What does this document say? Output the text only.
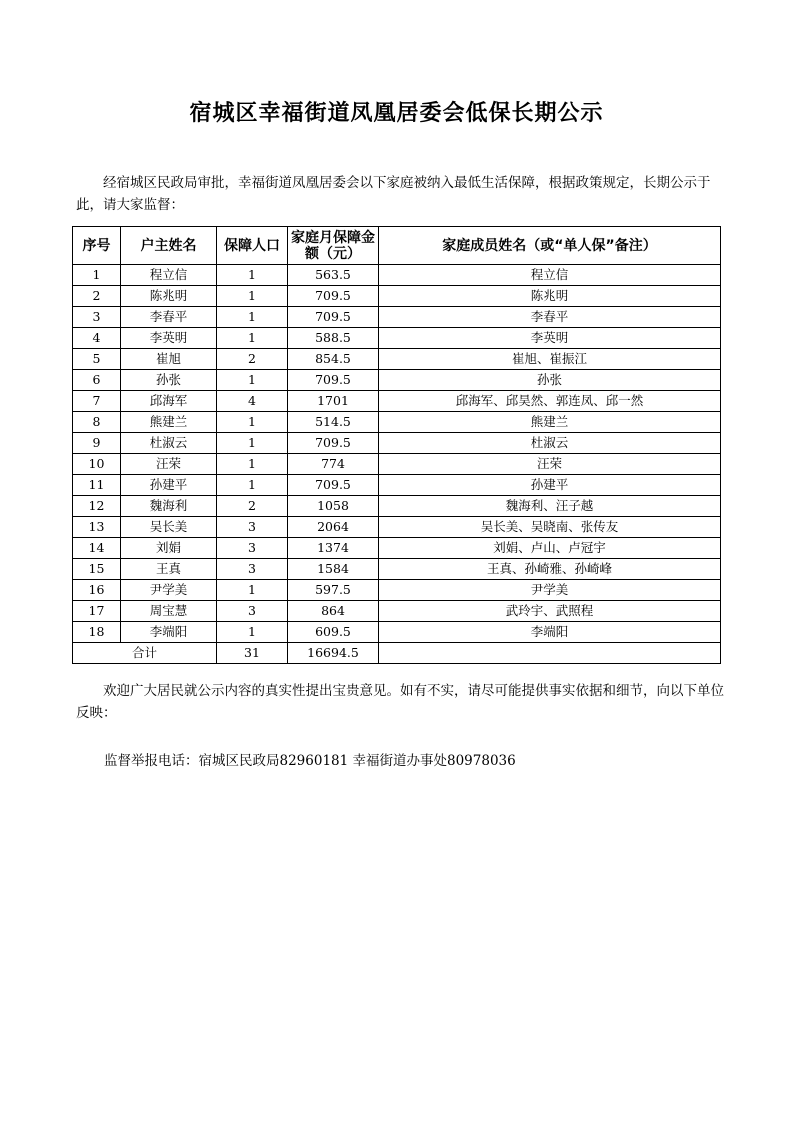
宿城区幸福街道凤凰居委会低保长期公示

经宿城区民政局审批，幸福街道凤凰居委会以下家庭被纳入最低生活保障，根据政策规定，长期公示于此，请大家监督：

序号	户主姓名	保障人口	家庭月保障金额（元）	家庭成员姓名（或“单人保”备注）
1	程立信	1	563.5	程立信
2	陈兆明	1	709.5	陈兆明
3	李春平	1	709.5	李春平
4	李英明	1	588.5	李英明
5	崔旭	2	854.5	崔旭、崔振江
6	孙张	1	709.5	孙张
7	邱海军	4	1701	邱海军、邱昊然、郭连凤、邱一然
8	熊建兰	1	514.5	熊建兰
9	杜淑云	1	709.5	杜淑云
10	汪荣	1	774	汪荣
11	孙建平	1	709.5	孙建平
12	魏海利	2	1058	魏海利、汪子越
13	吴长美	3	2064	吴长美、吴晓南、张传友
14	刘娟	3	1374	刘娟、卢山、卢冠宇
15	王真	3	1584	王真、孙崎雅、孙崎峰
16	尹学美	1	597.5	尹学美
17	周宝慧	3	864	武玲宇、武照程
18	李端阳	1	609.5	李端阳
合计		31	16694.5	

欢迎广大居民就公示内容的真实性提出宝贵意见。如有不实，请尽可能提供事实依据和细节，向以下单位反映：

监督举报电话：宿城区民政局82960181 幸福街道办事处80978036
